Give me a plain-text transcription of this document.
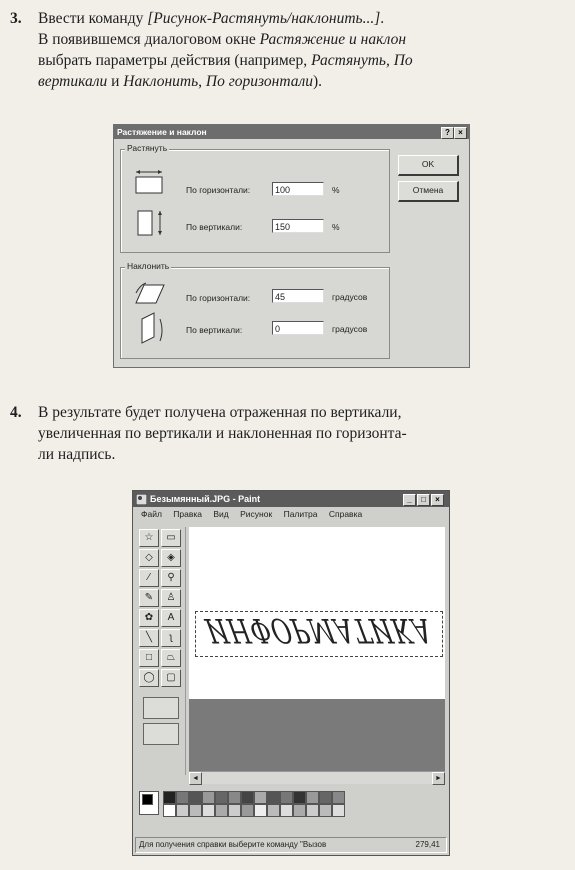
3. Ввести команду [Рисунок-Растянуть/наклонить...].
В появившемся диалоговом окне Растяжение и наклон
выбрать параметры действия (например, Растянуть, По
вертикали и Наклонить, По горизонтали).
Растяжение и наклон	?	×
Растянуть
По горизонтали:	100	%
По вертикали:	150	%
Наклонить
По горизонтали:	45	градусов
По вертикали:	0	градусов
OK
Отмена
4. В результате будет получена отраженная по вертикали,
увеличенная по вертикали и наклоненная по горизонта-
ли надпись.
Безымянный.JPG - Paint	_	□	×
Файл Правка Вид Рисунок Палитра Справка
☆	▭
◇	◈
⁄	⚲
✎	♙
✿	A
╲	ʅ
□	⏢
◯	▢
ИНФОРМАТИКА
◄	►
Для получения справки выберите команду "Вызов	279,41
